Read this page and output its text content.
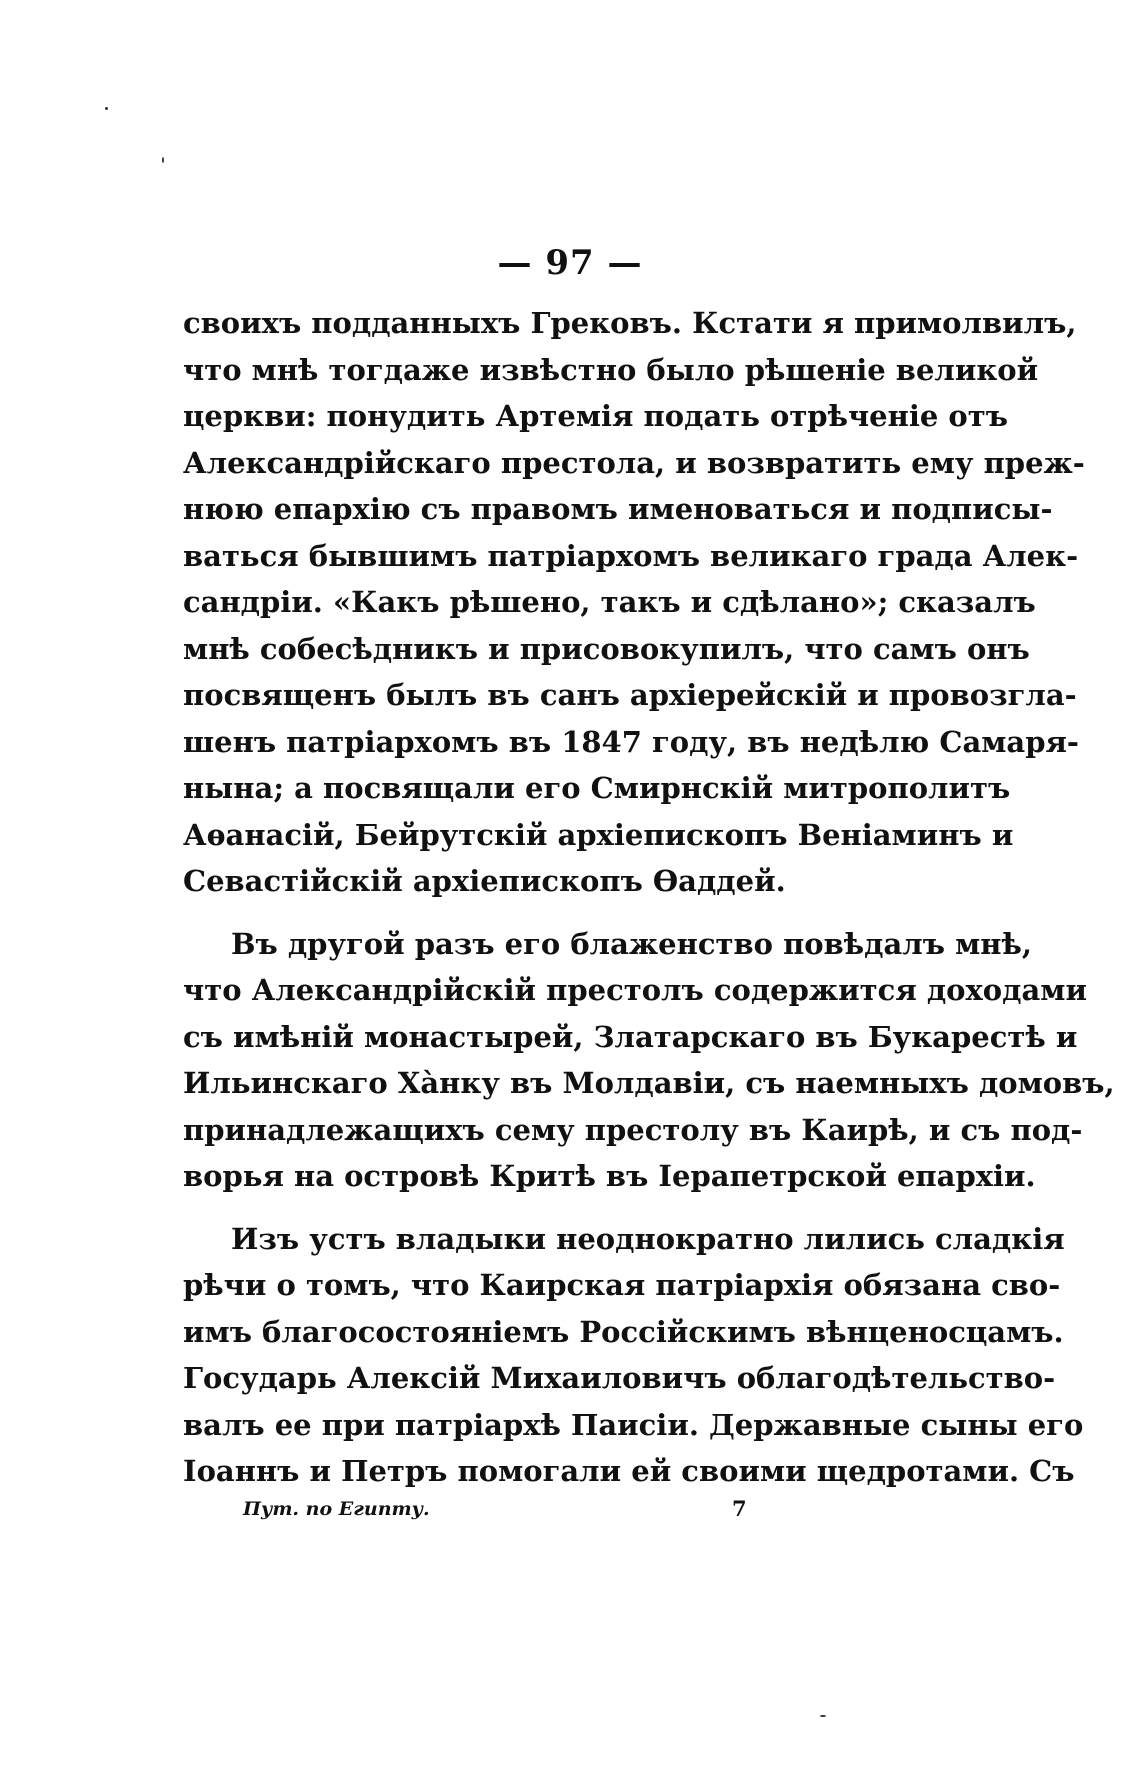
— 97 —
своихъ подданныхъ Грековъ. Кстати я примолвилъ,
что мнѣ тогдаже извѣстно было рѣшеніе великой
церкви: понудить Артемія подать отрѣченіе отъ
Александрійскаго престола, и возвратить ему преж-
нюю епархію съ правомъ именоваться и подписы-
ваться бывшимъ патріархомъ великаго града Алек-
сандріи. «Какъ рѣшено, такъ и сдѣлано»; сказалъ
мнѣ собесѣдникъ и присовокупилъ, что самъ онъ
посвященъ былъ въ санъ архіерейскій и провозгла-
шенъ патріархомъ въ 1847 году, въ недѣлю Самаря-
нына; а посвящали его Смирнскій митрополитъ
Аѳанасій, Бейрутскій архіепископъ Веніаминъ и
Севастійскій архіепископъ Ѳаддей.
Въ другой разъ его блаженство повѣдалъ мнѣ,
что Александрійскій престолъ содержится доходами
съ имѣній монастырей, Златарскаго въ Букарестѣ и
Ильинскаго Ха̀нку въ Молдавіи, съ наемныхъ домовъ,
принадлежащихъ сему престолу въ Каирѣ, и съ под-
ворья на островѣ Критѣ въ Іерапетрской епархіи.
Изъ устъ владыки неоднократно лились сладкія
рѣчи о томъ, что Каирская патріархія обязана сво-
имъ благосостояніемъ Россійскимъ вѣнценосцамъ.
Государь Алексій Михаиловичъ облагодѣтельство-
валъ ее при патріархѣ Паисіи. Державные сыны его
Іоаннъ и Петръ помогали ей своими щедротами. Съ
Пут. по Египту.	7
